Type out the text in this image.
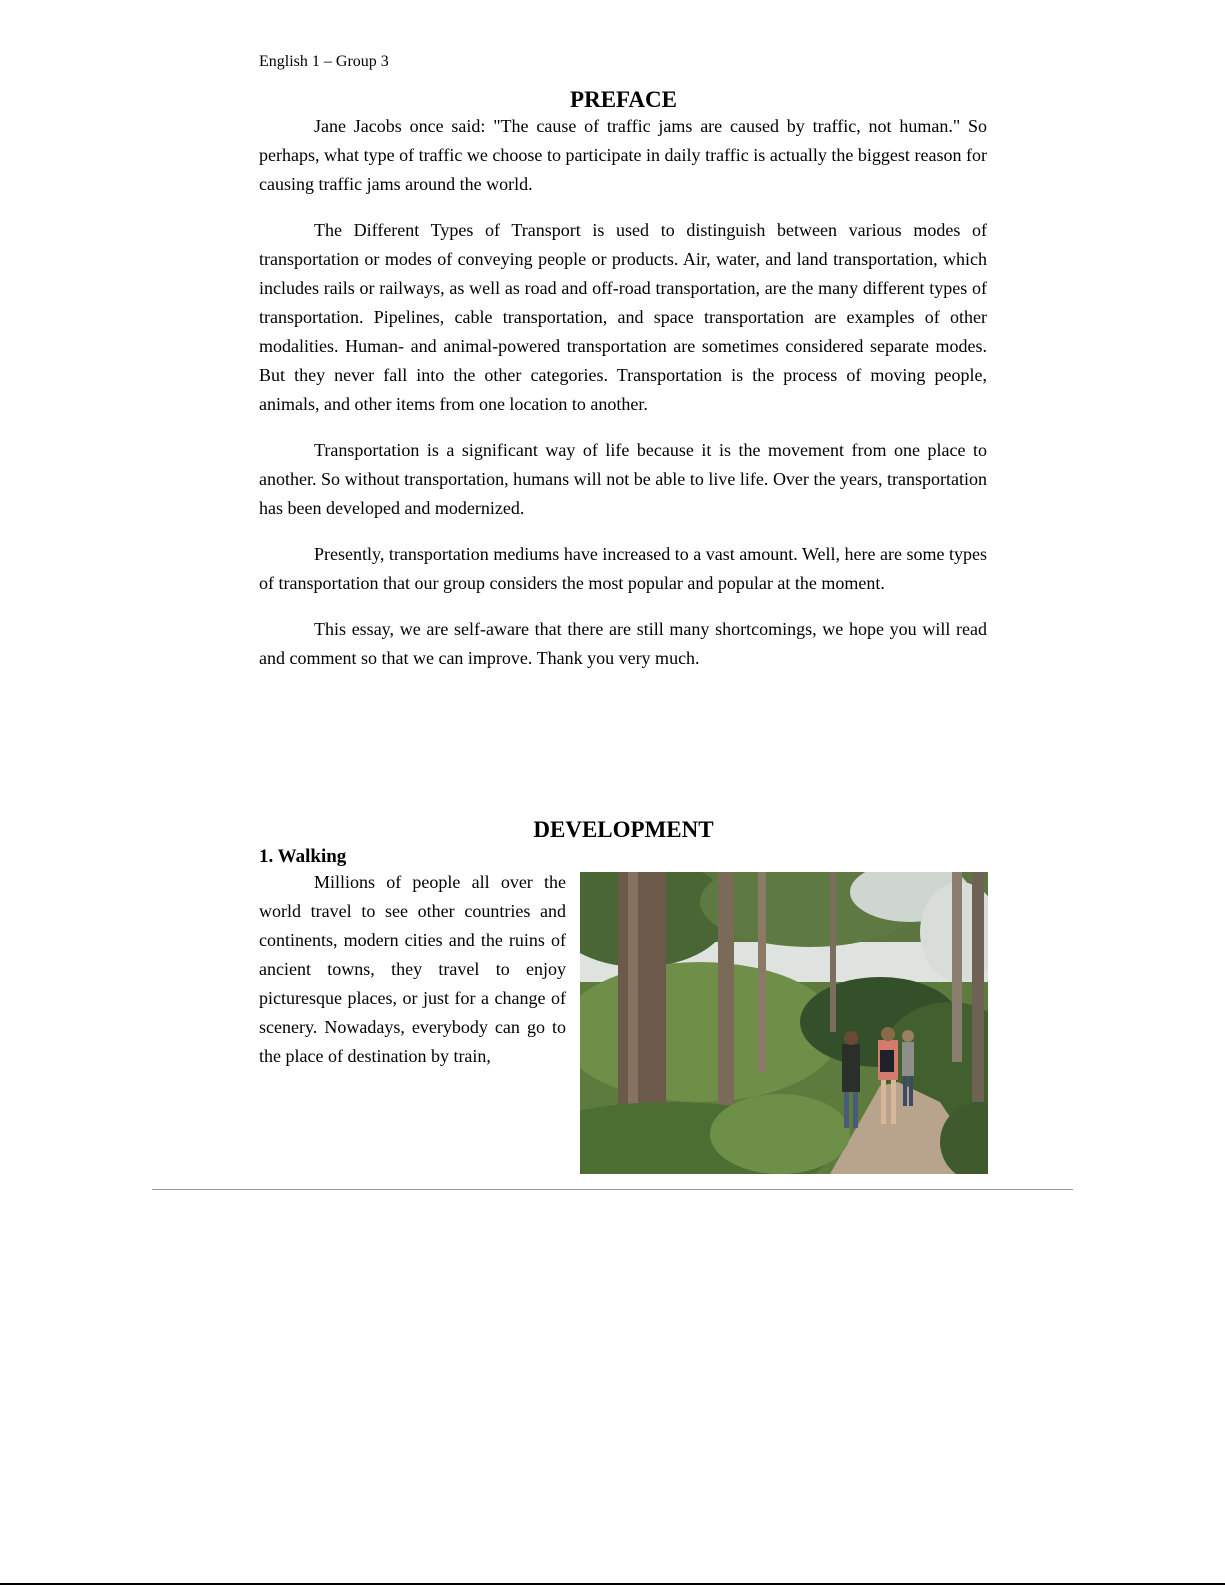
English 1 – Group 3
PREFACE

Jane Jacobs once said: "The cause of traffic jams are caused by traffic, not human." So perhaps, what type of traffic we choose to participate in daily traffic is actually the biggest reason for causing traffic jams around the world.

The Different Types of Transport is used to distinguish between various modes of transportation or modes of conveying people or products. Air, water, and land transportation, which includes rails or railways, as well as road and off-road transportation, are the many different types of transportation. Pipelines, cable transportation, and space transportation are examples of other modalities. Human- and animal-powered transportation are sometimes considered separate modes. But they never fall into the other categories. Transportation is the process of moving people, animals, and other items from one location to another.

Transportation is a significant way of life because it is the movement from one place to another. So without transportation, humans will not be able to live life. Over the years, transportation has been developed and modernized.

Presently, transportation mediums have increased to a vast amount. Well, here are some types of transportation that our group considers the most popular and popular at the moment.

This essay, we are self-aware that there are still many shortcomings, we hope you will read and comment so that we can improve. Thank you very much.

DEVELOPMENT
1. Walking

Millions of people all over the world travel to see other countries and continents, modern cities and the ruins of ancient towns, they travel to enjoy picturesque places, or just for a change of scenery. Nowadays, everybody can go to the place of destination by train,
